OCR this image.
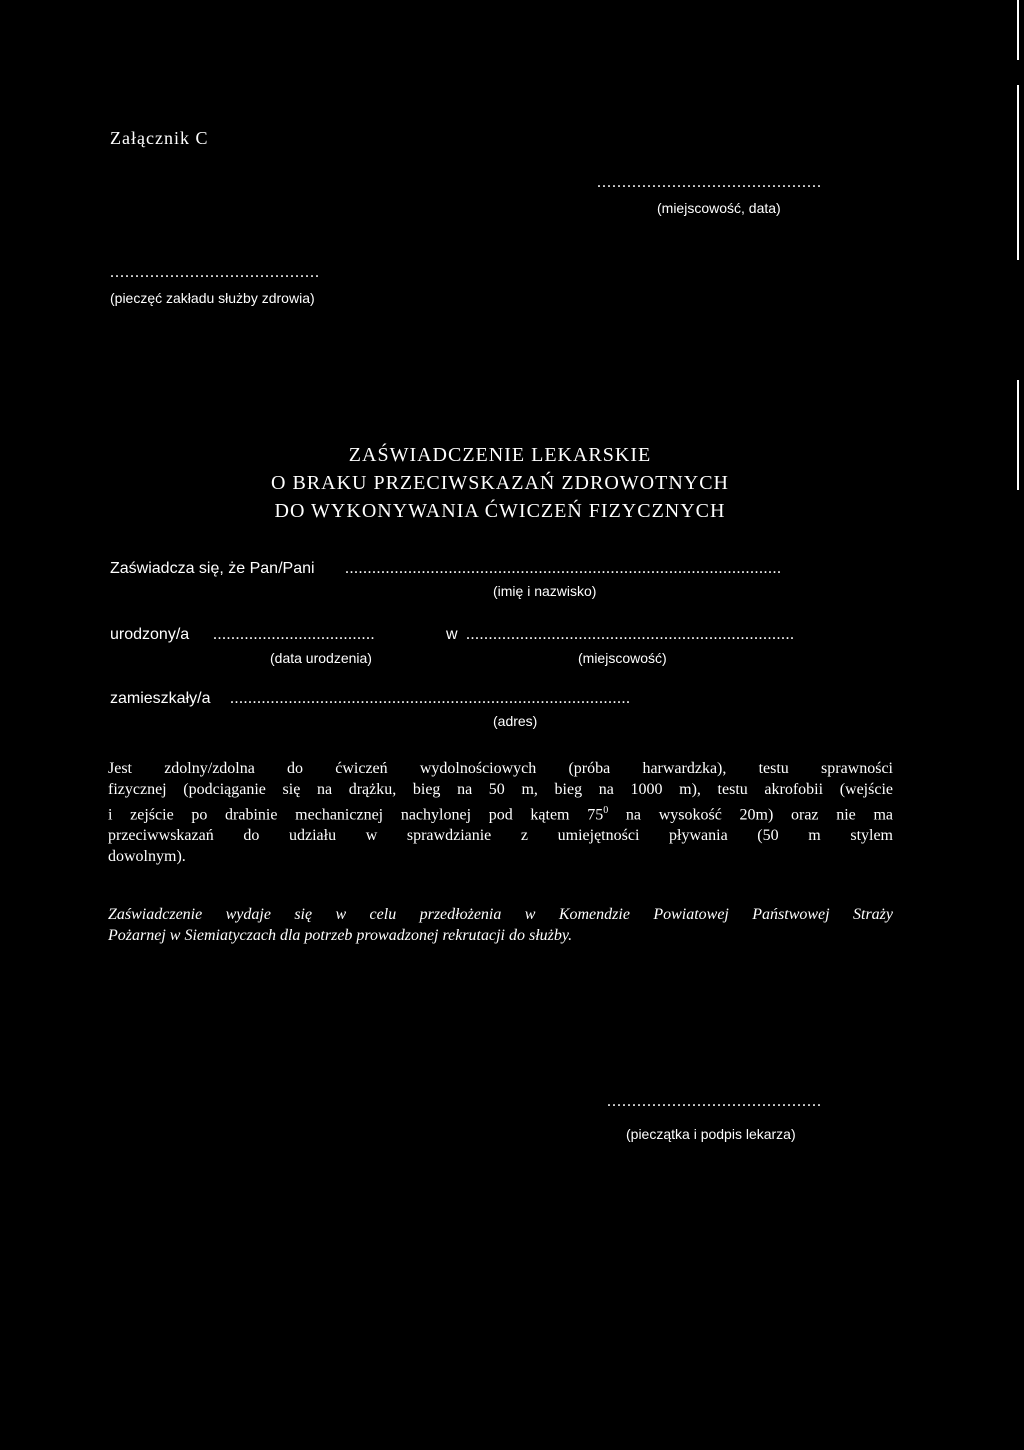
Załącznik C
.............................................
(miejscowość, data)
..........................................
(pieczęć zakładu służby zdrowia)
ZAŚWIADCZENIE LEKARSKIE
O BRAKU PRZECIWSKAZAŃ ZDROWOTNYCH
DO WYKONYWANIA ĆWICZEŃ FIZYCZNYCH
Zaświadcza się, że Pan/Pani .................................................................................................
(imię i nazwisko)
urodzony/a ....................................	w .........................................................................
(data urodzenia)	(miejscowość)
zamieszkały/a .........................................................................................
(adres)
Jest zdolny/zdolna do ćwiczeń wydolnościowych (próba harwardzka), testu sprawności
fizycznej (podciąganie się na drążku, bieg na 50 m, bieg na 1000 m), testu akrofobii (wejście
i zejście po drabinie mechanicznej nachylonej pod kątem $75^0$ na wysokość 20m) oraz nie ma
przeciwwskazań do udziału w sprawdzianie z umiejętności pływania (50 m stylem
dowolnym).
Zaświadczenie wydaje się w celu przedłożenia w Komendzie Powiatowej Państwowej Straży
Pożarnej w Siemiatyczach dla potrzeb prowadzonej rekrutacji do służby.
...........................................
(pieczątka i podpis lekarza)
